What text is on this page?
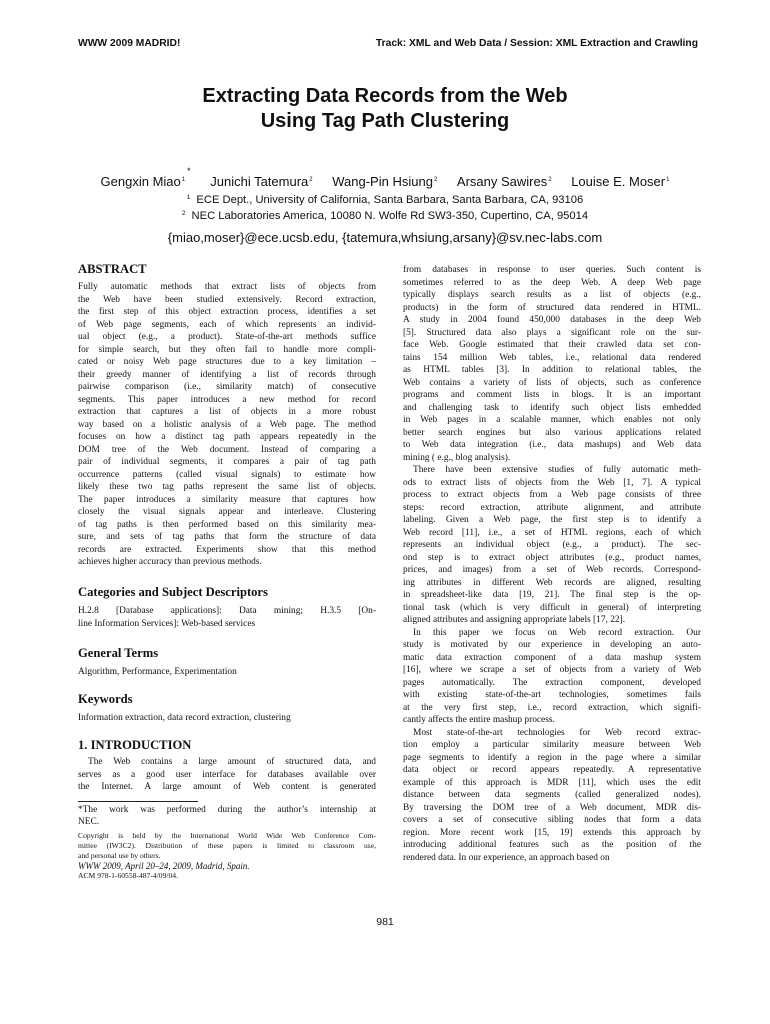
WWW 2009 MADRID!	Track: XML and Web Data / Session: XML Extraction and Crawling
Extracting Data Records from the Web
Using Tag Path Clustering
Gengxin Miao$^{1*}$ Junichi Tatemura$^2$ Wang-Pin Hsiung$^2$ Arsany Sawires$^2$ Louise E. Moser$^1$
$^1$ ECE Dept., University of California, Santa Barbara, Santa Barbara, CA, 93106
$^2$ NEC Laboratories America, 10080 N. Wolfe Rd SW3-350, Cupertino, CA, 95014
{miao,moser}@ece.ucsb.edu, {tatemura,whsiung,arsany}@sv.nec-labs.com
ABSTRACT
Fully automatic methods that extract lists of objects from
the Web have been studied extensively. Record extraction,
the first step of this object extraction process, identifies a set
of Web page segments, each of which represents an individ-
ual object (e.g., a product). State-of-the-art methods suffice
for simple search, but they often fail to handle more compli-
cated or noisy Web page structures due to a key limitation –
their greedy manner of identifying a list of records through
pairwise comparison (i.e., similarity match) of consecutive
segments. This paper introduces a new method for record
extraction that captures a list of objects in a more robust
way based on a holistic analysis of a Web page. The method
focuses on how a distinct tag path appears repeatedly in the
DOM tree of the Web document. Instead of comparing a
pair of individual segments, it compares a pair of tag path
occurrence patterns (called visual signals) to estimate how
likely these two tag paths represent the same list of objects.
The paper introduces a similarity measure that captures how
closely the visual signals appear and interleave. Clustering
of tag paths is then performed based on this similarity mea-
sure, and sets of tag paths that form the structure of data
records are extracted. Experiments show that this method
achieves higher accuracy than previous methods.
Categories and Subject Descriptors
H.2.8 [Database applications]: Data mining; H.3.5 [On-
line Information Services]: Web-based services
General Terms
Algorithm, Performance, Experimentation
Keywords
Information extraction, data record extraction, clustering
1. INTRODUCTION
The Web contains a large amount of structured data, and
serves as a good user interface for databases available over
the Internet. A large amount of Web content is generated
*The work was performed during the author’s internship at
NEC.
Copyright is held by the International World Wide Web Conference Com-
mittee (IW3C2). Distribution of these papers is limited to classroom use,
and personal use by others.
WWW 2009, April 20–24, 2009, Madrid, Spain.
ACM 978-1-60558-487-4/09/04.
from databases in response to user queries. Such content is
sometimes referred to as the deep Web. A deep Web page
typically displays search results as a list of objects (e.g.,
products) in the form of structured data rendered in HTML.
A study in 2004 found 450,000 databases in the deep Web
[5]. Structured data also plays a significant role on the sur-
face Web. Google estimated that their crawled data set con-
tains 154 million Web tables, i.e., relational data rendered
as HTML tables [3]. In addition to relational tables, the
Web contains a variety of lists of objects, such as conference
programs and comment lists in blogs. It is an important
and challenging task to identify such object lists embedded
in Web pages in a scalable manner, which enables not only
better search engines but also various applications related
to Web data integration (i.e., data mashups) and Web data
mining ( e.g., blog analysis).
There have been extensive studies of fully automatic meth-
ods to extract lists of objects from the Web [1, 7]. A typical
process to extract objects from a Web page consists of three
steps: record extraction, attribute alignment, and attribute
labeling. Given a Web page, the first step is to identify a
Web record [11], i.e., a set of HTML regions, each of which
represents an individual object (e.g., a product). The sec-
ond step is to extract object attributes (e.g., product names,
prices, and images) from a set of Web records. Correspond-
ing attributes in different Web records are aligned, resulting
in spreadsheet-like data [19, 21]. The final step is the op-
tional task (which is very difficult in general) of interpreting
aligned attributes and assigning appropriate labels [17, 22].
In this paper we focus on Web record extraction. Our
study is motivated by our experience in developing an auto-
matic data extraction component of a data mashup system
[16], where we scrape a set of objects from a variety of Web
pages automatically. The extraction component, developed
with existing state-of-the-art technologies, sometimes fails
at the very first step, i.e., record extraction, which signifi-
cantly affects the entire mashup process.
Most state-of-the-art technologies for Web record extrac-
tion employ a particular similarity measure between Web
page segments to identify a region in the page where a similar
data object or record appears repeatedly. A representative
example of this approach is MDR [11], which uses the edit
distance between data segments (called generalized nodes).
By traversing the DOM tree of a Web document, MDR dis-
covers a set of consecutive sibling nodes that form a data
region. More recent work [15, 19] extends this approach by
introducing additional features such as the position of the
rendered data. In our experience, an approach based on
981
